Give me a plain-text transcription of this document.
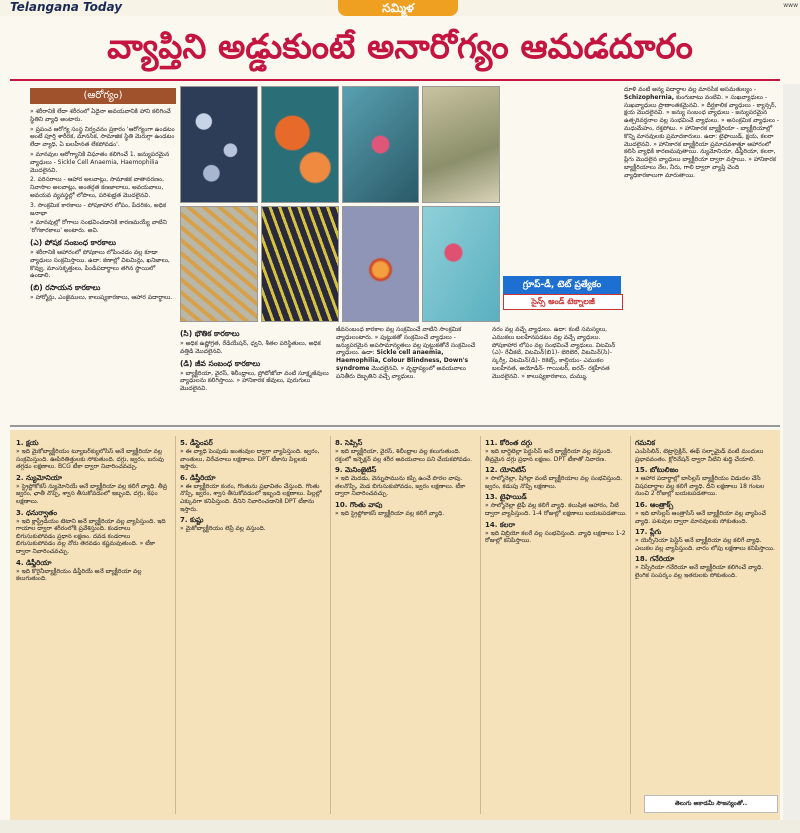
Telangana Today	సమ్మిళ	www
వ్యాప్తిని అడ్డుకుంటే అనారోగ్యం ఆమడదూరం
(ఆరోగ్యం)

» శరీరానికి లేదా శరీరంలో ఏదైనా అవయవానికి హాని కలిగించే స్థితిని వ్యాధి అంటారు.

» ప్రపంచ ఆరోగ్య సంస్థ నిర్వచనం ప్రకారం 'ఆరోగ్యంగా ఉండటం అంటే పూర్తి శారీరక, మానసిక, సామాజిక స్థితి మెరుగ్గా ఉండటం లేదా వ్యాధి, ఏ బలహీనత లేకపోవడం'.

» మానవుల ఆరోగ్యానికి విఘాతం కలిగించే 1. జన్యుపరమైన వ్యాధులు - Sickle Cell Anaemia, Haemophilia మొదలైనవి.

2. పరిసరాలు - ఆహార అలవాట్లు, సామాజిక వాతావరణం, నివాసాల అలవాట్లు, అంతర్గత కణజాలాలు, అవయవాలు, అవయవ వ్యవస్థల్లో లోపాలు, పరిశుభ్రత మొదలైనవి.

3. సాంక్రమిక కారకాలు - పోషకాహార లోపం, పేదరికం, అధిక జనాభా

» మానవుల్లో రోగాలు సంభవించడానికి కారణమయ్యే వాటిని 'రోగకారకాలు' అంటారు. అవి.

(ఎ) పోషక సంబంధ కారకాలు

» శరీరానికి ఆహారంలో పోషకాలు లోపించడం వల్ల కూడా వ్యాధులు సంక్రమిస్తాయి. ఉదా: కణాల్లో విటమిన్లు, ఖనిజాలు, కొవ్వు, మాంసకృత్తులు, పిండిపదార్థాలు తగిన స్థాయిలో ఉండాలి.

(బి) రసాయన కారకాలు

» హార్మోన్లు, ఎంజైములు, కాలుష్యకారకాలు, ఆహార పదార్థాలు.

గ్రూప్-డీ, టెట్ ప్రత్యేకం
సైన్స్ అండ్ టెక్నాలజీ
(సి) భౌతిక కారకాలు

» అధిక ఉష్ణోగ్రత, రేడియేషన్, ధ్వని, శీతల పరిస్థితులు, అధిక వత్తిడి మొదలైనవి.

(డి) జీవ సంబంధ కారకాలు

» బ్యాక్టీరియా, వైరస్, శిలీంధ్రాలు, ప్రోటోజోవా వంటి సూక్ష్మజీవులు వ్యాధులను కలిగిస్తాయి. » హానికారక జీవులు, పురుగులు మొదలైనవి.

జీవసంబంధ కారకాల వల్ల సంక్రమించే వాటిని సాంక్రమిక వ్యాధులంటారు. » పుట్టుకతో సంక్రమించే వ్యాధులు - జన్యుపరమైన అపసామాన్యతలు వల్ల పుట్టుకతోనే సంక్రమించే వ్యాధులు. ఉదా: Sickle cell anaemia, Haemophilia, Colour Blindness, Down's syndrome మొదలైనవి. » వృద్ధాప్యంలో అవయవాలు పనితీరు దెబ్బతిని వచ్చే వ్యాధులు.

నరం వల్ల వచ్చే వ్యాధులు. ఉదా: కంటి సమస్యలు, ఎముకలు బలహీనపడటం వల్ల వచ్చే వ్యాధులు. పోషకాహార లోపం వల్ల సంభవించే వ్యాధులు. విటమిన్ (ఎ)- రేచీకటి, విటమిన్(బి1)- బెరిబెరి, విటమిన్(సి)- స్కర్వీ, విటమిన్(డి)- రికెట్స్, కాల్షియం- ఎముకల బలహీనత, అయోడిన్- గాయిటర్, ఐరన్- రక్తహీనత మొదలైనవి. » కాలుష్యకారకాలు, దుమ్ము.

దూళి వంటి అన్య పదార్థాల వల్ల మానసిక అసమతుల్యం - Schizophernia, కుంగుబాటు వంటివి. » సుఖవ్యాధులు - సుఖవ్యాధులు ప్రాణాంతకమైనవి. » దీర్ఘకాలిక వ్యాధులు - క్యాన్సర్, క్షయ మొదలైనవి. » జన్యు సంబంధ వ్యాధులు - జన్యుపరమైన ఉత్పరివర్తనాల వల్ల సంభవించే వ్యాధులు. » అసంక్రమిక వ్యాధులు - మధుమేహం, రక్తపోటు. » హానికారక బ్యాక్టీరియా - బ్యాక్టీరియాల్లో కొన్ని మానవులకు ప్రమాదకారులు. ఉదా: టైఫాయిడ్, క్షయ, కలరా మొదలైనవి. » హానికారక బ్యాక్టీరియా ప్రమాదవశాత్తూ ఆహారంలో కలిసి వ్యాధికి కారణమవుతాయి. న్యుమోనియా, డిఫ్తీరియా, కలరా, ప్లేగు మొదలైన వ్యాధులు బ్యాక్టీరియా ద్వారా వస్తాయి. » హానికారక బ్యాక్టీరియాలు నేల, నీరు, గాలి ద్వారా వ్యాప్తి చెంది వ్యాధికారకాలుగా మారుతాయి.

1. క్షయ

» ఇది మైకోబ్యాక్టీరియం ట్యూబర్‌క్యులోసిస్ అనే బ్యాక్టీరియా వల్ల సంక్రమిస్తుంది. ఊపిరితిత్తులకు సోకుతుంది. దగ్గు, జ్వరం, బరువు తగ్గడం లక్షణాలు. BCG టీకా ద్వారా నివారించవచ్చు.

2. న్యుమోనియా

» స్ట్రెప్టోకోకస్ న్యుమోనియే అనే బ్యాక్టీరియా వల్ల కలిగే వ్యాధి. తీవ్ర జ్వరం, ఛాతీ నొప్పి, శ్వాస తీసుకోవడంలో ఇబ్బంది, దగ్గు, కఫం లక్షణాలు.

3. ధనుర్వాతం

» ఇది క్లాస్ట్రీడియం టెటాని అనే బ్యాక్టీరియా వల్ల వ్యాపిస్తుంది. ఇది గాయాల ద్వారా శరీరంలోకి ప్రవేశిస్తుంది. కండరాలు బిగుసుకుపోవడం ప్రధాన లక్షణం. దవడ కండరాలు బిగుసుకుపోవడం వల్ల నోరు తెరవడం కష్టమవుతుంది. » టీకా ద్వారా నివారించవచ్చు.

4. డిఫ్తీరియా

» ఇది కొరైనీబ్యాక్టీరియం డిఫ్తీరియే అనే బ్యాక్టీరియా వల్ల కలుగుతుంది.

5. డీస్టెంపర్

» ఈ వ్యాధి పెంపుడు జంతువుల ద్వారా వ్యాపిస్తుంది. జ్వరం, వాంతులు, విరేచనాలు లక్షణాలు. DPT టీకాను పిల్లలకు ఇస్తారు.

6. డిప్తీరియా

» ఈ బ్యాక్టీరియా కంఠం, గొంతును ప్రభావితం చేస్తుంది. గొంతు నొప్పి, జ్వరం, శ్వాస తీసుకోవడంలో ఇబ్బంది లక్షణాలు. పిల్లల్లో ఎక్కువగా కనిపిస్తుంది. దీనిని నివారించడానికి DPT టీకాను ఇస్తారు.

7. కుష్టు

» మైకోబ్యాక్టీరియం లెప్రే వల్ల వస్తుంది.

8. సెప్సిస్

» ఇది బ్యాక్టీరియా, వైరస్, శిలీంధ్రాల వల్ల కలుగుతుంది. రక్తంలో ఇన్ఫెక్షన్ వల్ల శరీర అవయవాలు పని చేయకపోవడం.

9. మెనింజైటిస్

» ఇది మెదడు, వెన్నుపామును కప్పి ఉంచే పొరల వాపు. తలనొప్పి, మెడ బిగుసుకుపోవడం, జ్వరం లక్షణాలు. టీకా ద్వారా నివారించవచ్చు.

10. గొంతు వాపు

» ఇది స్ట్రెప్టోకాకస్ బ్యాక్టీరియా వల్ల కలిగే వ్యాధి.

11. కోరింత దగ్గు

» ఇది బార్డెటెల్లా పెర్టుసిస్ అనే బ్యాక్టీరియా వల్ల వస్తుంది. తీవ్రమైన దగ్గు ప్రధాన లక్షణం. DPT టీకాతో నివారణ.

12. యోనిటిస్

» సాల్మోనెల్లా, షిగెల్లా వంటి బ్యాక్టీరియాల వల్ల సంభవిస్తుంది. జ్వరం, కడుపు నొప్పి లక్షణాలు.

13. టైఫాయిడ్

» సాల్మోనెల్లా టైఫీ వల్ల కలిగే వ్యాధి. కలుషిత ఆహారం, నీటి ద్వారా వ్యాపిస్తుంది. 1-4 రోజుల్లో లక్షణాలు బయటపడతాయి.

14. కలరా

» ఇది విబ్రియో కలరే వల్ల సంభవిస్తుంది. వ్యాధి లక్షణాలు 1-2 రోజుల్లో కనిపిస్తాయి.

గమనిక

ఎంపిసిలిన్, టెట్రాసైక్లిన్, ఈథ్ సల్ఫామైడ్ వంటి మందులు ప్రభావవంతం. క్లోరినేషన్ ద్వారా నీటిని శుద్ధి చేయాలి.

15. బోటులిజం

» ఆహార పదార్థాల్లో బాసిల్లస్ బ్యాక్టీరియం విడుదల చేసే విషపదార్థాల వల్ల కలిగే వ్యాధి. దీని లక్షణాలు 18 గంటల నుంచి 2 రోజుల్లో బయటపడతాయి.

16. ఆంత్రాక్స్

» ఇది బాసిల్లస్ ఆంత్రాసిస్ అనే బ్యాక్టీరియా వల్ల వ్యాపించే వ్యాధి. పశువుల ద్వారా మానవులకు సోకుతుంది.

17. ప్లేగు

» యెర్సీనియా పెస్టిస్ అనే బ్యాక్టీరియా వల్ల కలిగే వ్యాధి. ఎలుకల వల్ల వ్యాపిస్తుంది. వారం లోపు లక్షణాలు కనిపిస్తాయి.

18. గనేరియా

» నిస్సేరియా గనేరియా అనే బ్యాక్టీరియా కలిగించే వ్యాధి. లైంగిక సంపర్కం వల్ల ఇతరులకు సోకుతుంది.

తెలుగు అకాడమీ సౌజన్యంతో..
